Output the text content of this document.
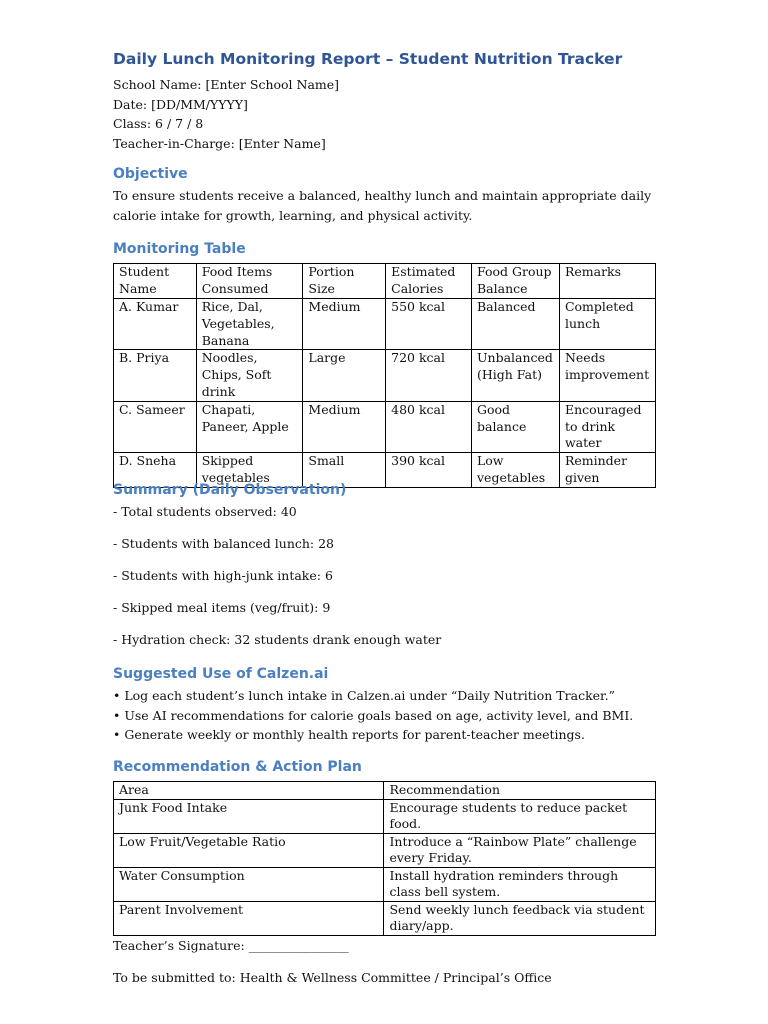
Daily Lunch Monitoring Report – Student Nutrition Tracker
School Name: [Enter School Name]
Date: [DD/MM/YYYY]
Class: 6 / 7 / 8
Teacher-in-Charge: [Enter Name]
Objective
To ensure students receive a balanced, healthy lunch and maintain appropriate daily calorie intake for growth, learning, and physical activity.
Monitoring Table
Student Name	Food Items Consumed	Portion Size	Estimated Calories	Food Group Balance	Remarks
A. Kumar	Rice, Dal, Vegetables, Banana	Medium	550 kcal	Balanced	Completed lunch
B. Priya	Noodles, Chips, Soft drink	Large	720 kcal	Unbalanced (High Fat)	Needs improvement
C. Sameer	Chapati, Paneer, Apple	Medium	480 kcal	Good balance	Encouraged to drink water
D. Sneha	Skipped vegetables	Small	390 kcal	Low vegetables	Reminder given
Summary (Daily Observation)
- Total students observed: 40
- Students with balanced lunch: 28
- Students with high-junk intake: 6
- Skipped meal items (veg/fruit): 9
- Hydration check: 32 students drank enough water
Suggested Use of Calzen.ai
• Log each student’s lunch intake in Calzen.ai under “Daily Nutrition Tracker.”
• Use AI recommendations for calorie goals based on age, activity level, and BMI.
• Generate weekly or monthly health reports for parent-teacher meetings.
Recommendation & Action Plan
Area	Recommendation
Junk Food Intake	Encourage students to reduce packet food.
Low Fruit/Vegetable Ratio	Introduce a “Rainbow Plate” challenge every Friday.
Water Consumption	Install hydration reminders through class bell system.
Parent Involvement	Send weekly lunch feedback via student diary/app.
Teacher’s Signature: ________________
To be submitted to: Health & Wellness Committee / Principal’s Office
